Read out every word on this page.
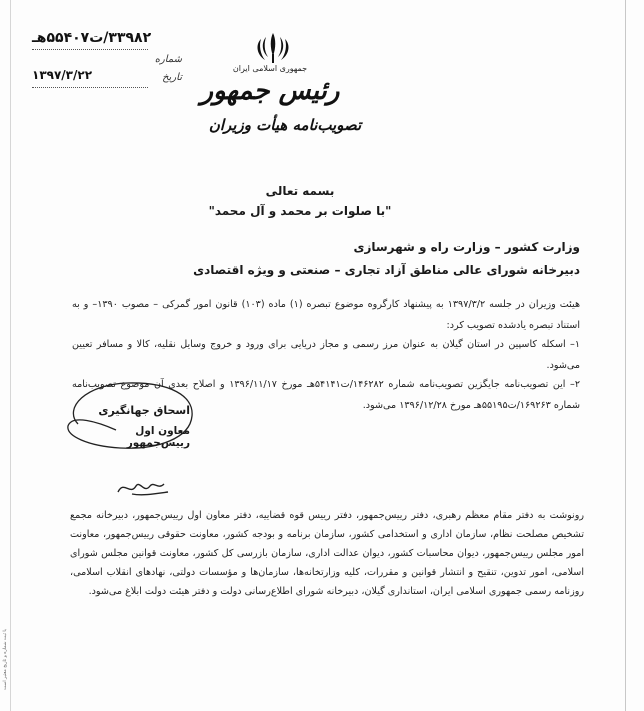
۳۳۹۸۲/ت۵۵۴۰۷هـ
شماره
۱۳۹۷/۳/۲۲	تاریخ
جمهوری اسلامی ایران
رئیس جمهور
تصویب‌نامه هیأت وزیران
بسمه تعالی
"با صلوات بر محمد و آل محمد"
وزارت کشور – وزارت راه و شهرسازی
دبیرخانه شورای عالی مناطق آزاد تجاری – صنعتی و ویژه اقتصادی
هیئت وزیران در جلسه ۱۳۹۷/۳/۲ به پیشنهاد کارگروه موضوع تبصره (۱) ماده (۱۰۳) قانون امور گمرکی – مصوب ۱۳۹۰– و به استناد تبصره یادشده تصویب کرد:
۱– اسکله کاسپین در استان گیلان به عنوان مرز رسمی و مجاز دریایی برای ورود و خروج وسایل نقلیه، کالا و مسافر تعیین می‌شود.
۲– این تصویب‌نامه جایگزین تصویب‌نامه شماره ۱۴۶۲۸۲/ت۵۴۱۴۱هـ مورخ ۱۳۹۶/۱۱/۱۷ و اصلاح بعدی آن موضوع تصویب‌نامه شماره ۱۶۹۲۶۳/ت۵۵۱۹۵هـ مورخ ۱۳۹۶/۱۲/۲۸ می‌شود.
اسحاق جهانگیری
معاون اول رییس‌جمهور
رونوشت به دفتر مقام معظم رهبری، دفتر رییس‌جمهور، دفتر رییس قوه قضاییه، دفتر معاون اول رییس‌جمهور، دبیرخانه مجمع تشخیص مصلحت نظام، سازمان اداری و استخدامی کشور، سازمان برنامه و بودجه کشور، معاونت حقوقی رییس‌جمهور، معاونت امور مجلس رییس‌جمهور، دیوان محاسبات کشور، دیوان عدالت اداری، سازمان بازرسی کل کشور، معاونت قوانین مجلس شورای اسلامی، امور تدوین، تنقیح و انتشار قوانین و مقررات، کلیه وزارتخانه‌ها، سازمان‌ها و مؤسسات دولتی، نهادهای انقلاب اسلامی، روزنامه رسمی جمهوری اسلامی ایران، استانداری گیلان، دبیرخانه شورای اطلاع‌رسانی دولت و دفتر هیئت دولت ابلاغ می‌شود.
با ثبت شماره و تاریخ معتبر است
